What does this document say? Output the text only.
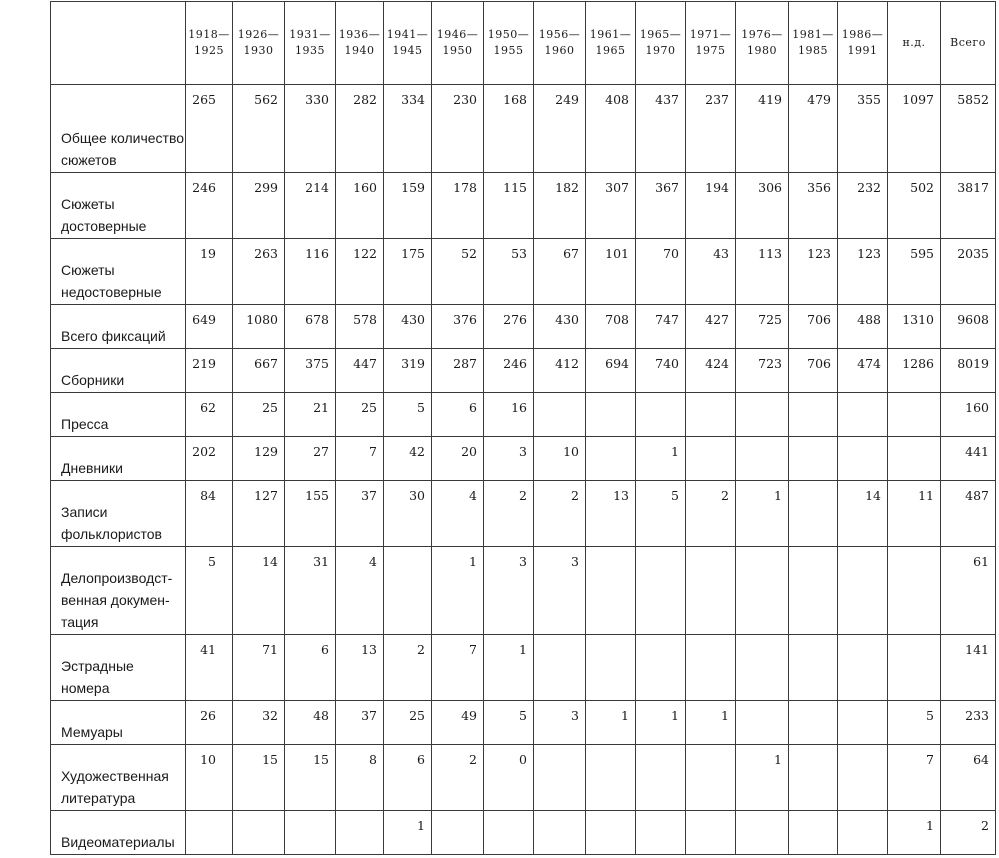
	1918—1925	1926—1930	1931—1935	1936—1940	1941—1945	1946—1950	1950—1955	1956—1960	1961—1965	1965—1970	1971—1975	1976—1980	1981—1985	1986—1991	н.д.	Всего
Общее количество сюжетов	265	562	330	282	334	230	168	249	408	437	237	419	479	355	1097	5852
Сюжеты достоверные	246	299	214	160	159	178	115	182	307	367	194	306	356	232	502	3817
Сюжеты недостоверные	19	263	116	122	175	52	53	67	101	70	43	113	123	123	595	2035
Всего фиксаций	649	1080	678	578	430	376	276	430	708	747	427	725	706	488	1310	9608
Сборники	219	667	375	447	319	287	246	412	694	740	424	723	706	474	1286	8019
Пресса	62	25	21	25	5	6	16									160
Дневники	202	129	27	7	42	20	3	10		1						441
Записи фольклористов	84	127	155	37	30	4	2	2	13	5	2	1		14	11	487
Делопроизводст-венная докумен-тация	5	14	31	4		1	3	3								61
Эстрадные номера	41	71	6	13	2	7	1									141
Мемуары	26	32	48	37	25	49	5	3	1	1	1				5	233
Художественная литература	10	15	15	8	6	2	0					1			7	64
Видеоматериалы					1										1	2
